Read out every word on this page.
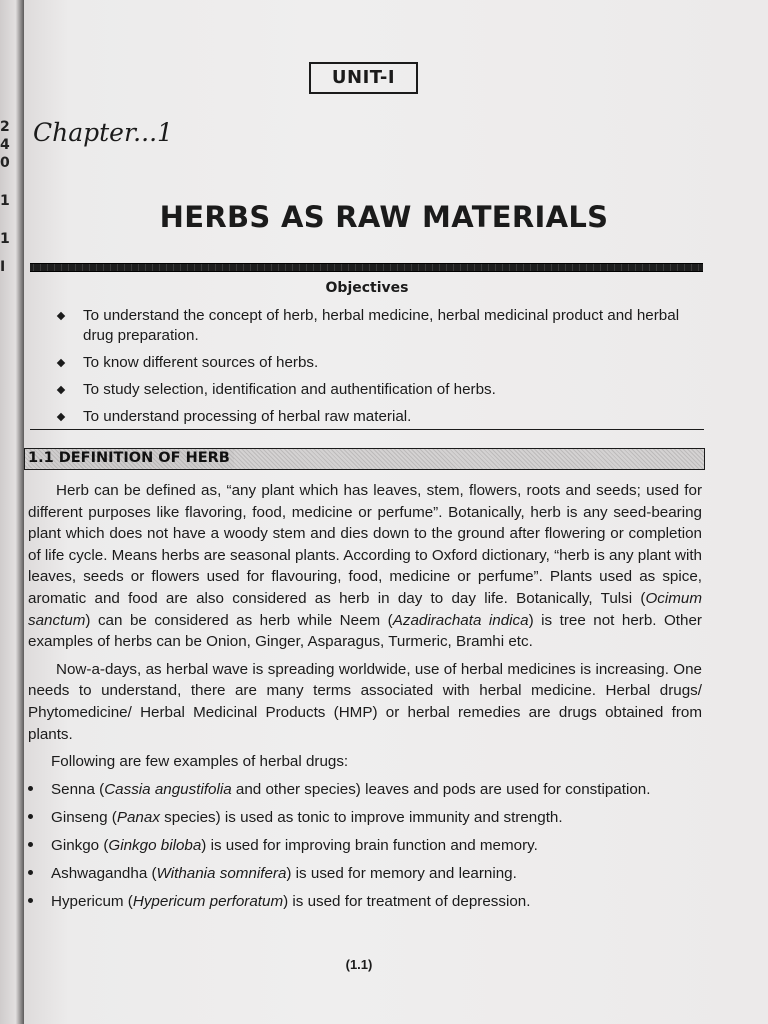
2
4
0
1
1
I
UNIT-I
Chapter...1
HERBS AS RAW MATERIALS
Objectives
To understand the concept of herb, herbal medicine, herbal medicinal product and herbal drug preparation.
To know different sources of herbs.
To study selection, identification and authentification of herbs.
To understand processing of herbal raw material.
1.1 DEFINITION OF HERB

Herb can be defined as, “any plant which has leaves, stem, flowers, roots and seeds; used for different purposes like flavoring, food, medicine or perfume”. Botanically, herb is any seed-bearing plant which does not have a woody stem and dies down to the ground after flowering or completion of life cycle. Means herbs are seasonal plants. According to Oxford dictionary, “herb is any plant with leaves, seeds or flowers used for flavouring, food, medicine or perfume”. Plants used as spice, aromatic and food are also considered as herb in day to day life. Botanically, Tulsi (Ocimum sanctum) can be considered as herb while Neem (Azadirachata indica) is tree not herb. Other examples of herbs can be Onion, Ginger, Asparagus, Turmeric, Bramhi etc.

Now-a-days, as herbal wave is spreading worldwide, use of herbal medicines is increasing. One needs to understand, there are many terms associated with herbal medicine. Herbal drugs/ Phytomedicine/ Herbal Medicinal Products (HMP) or herbal remedies are drugs obtained from plants.

Following are few examples of herbal drugs:

Senna (Cassia angustifolia and other species) leaves and pods are used for constipation.
Ginseng (Panax species) is used as tonic to improve immunity and strength.
Ginkgo (Ginkgo biloba) is used for improving brain function and memory.
Ashwagandha (Withania somnifera) is used for memory and learning.
Hypericum (Hypericum perforatum) is used for treatment of depression.
(1.1)
